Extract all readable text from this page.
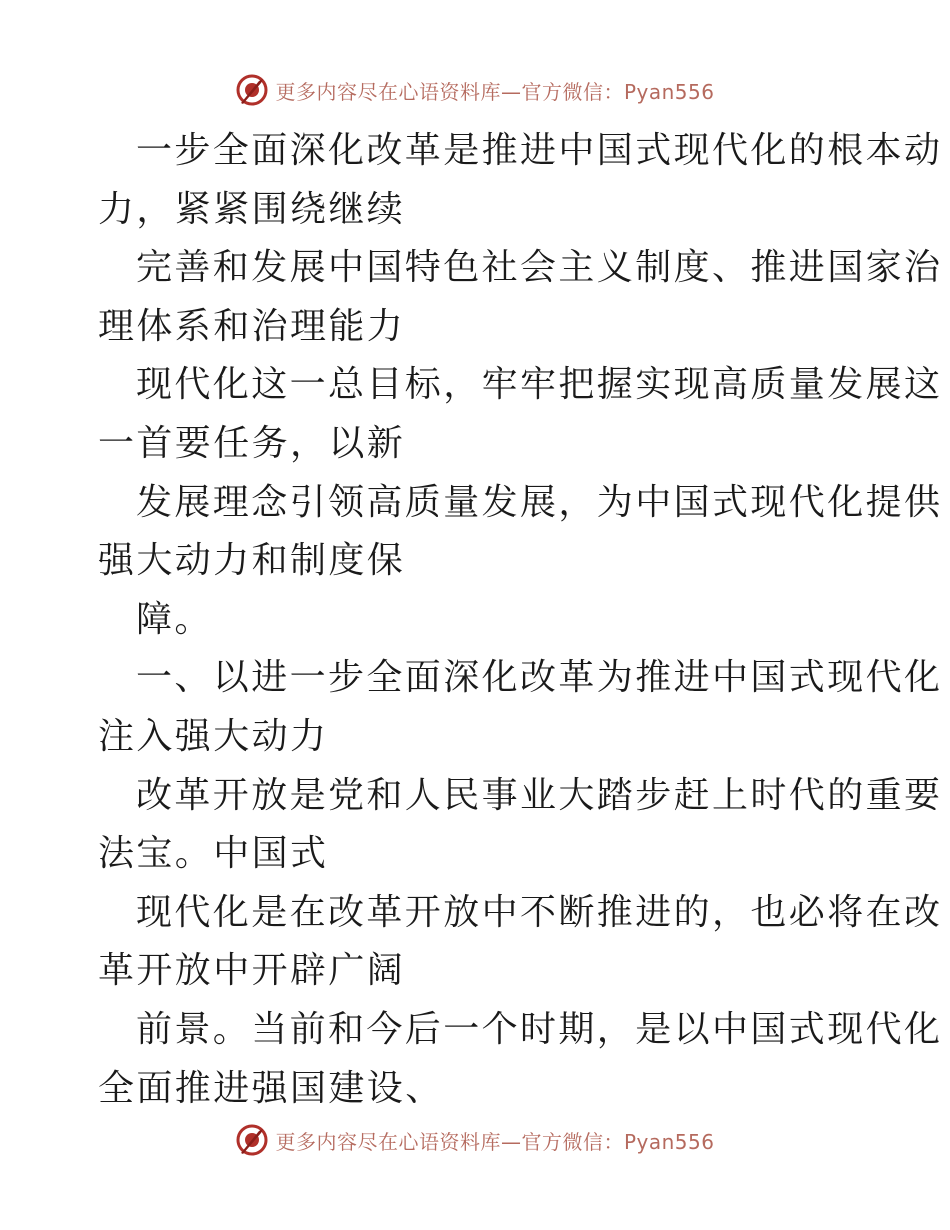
更多内容尽在心语资料库—官方微信：Pyan556
一步全面深化改革是推进中国式现代化的根本动
力，紧紧围绕继续
完善和发展中国特色社会主义制度、推进国家治
理体系和治理能力
现代化这一总目标，牢牢把握实现高质量发展这
一首要任务，以新
发展理念引领高质量发展，为中国式现代化提供
强大动力和制度保
障。
一、以进一步全面深化改革为推进中国式现代化
注入强大动力
改革开放是党和人民事业大踏步赶上时代的重要
法宝。中国式
现代化是在改革开放中不断推进的，也必将在改
革开放中开辟广阔
前景。当前和今后一个时期，是以中国式现代化
全面推进强国建设、
更多内容尽在心语资料库—官方微信：Pyan556
